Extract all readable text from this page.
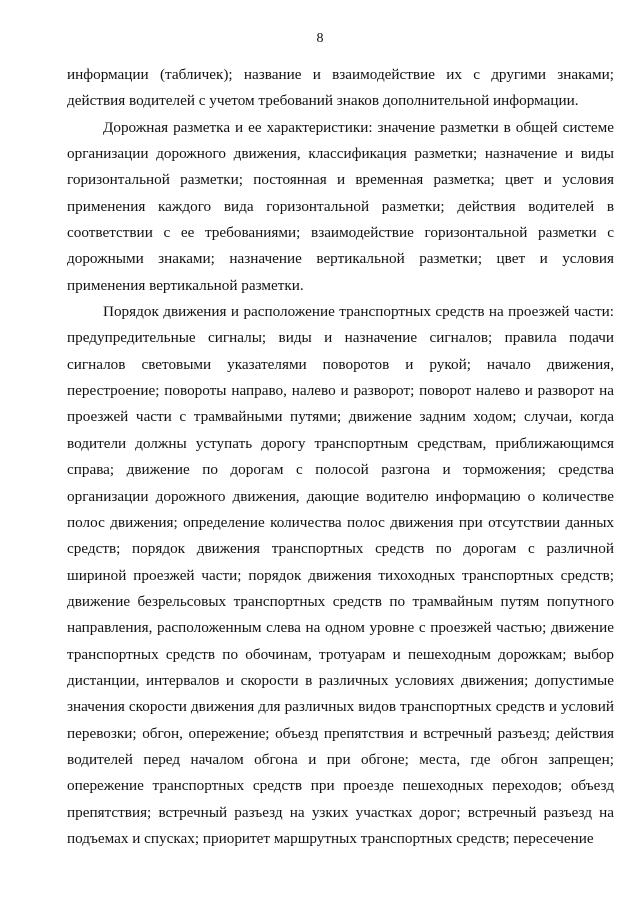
8

информации (табличек); название и взаимодействие их с другими знаками; действия водителей с учетом требований знаков дополнительной информации.

Дорожная разметка и ее характеристики: значение разметки в общей системе организации дорожного движения, классификация разметки; назначение и виды горизонтальной разметки; постоянная и временная разметка; цвет и условия применения каждого вида горизонтальной разметки; действия водителей в соответствии с ее требованиями; взаимодействие горизонтальной разметки с дорожными знаками; назначение вертикальной разметки; цвет и условия применения вертикальной разметки.

Порядок движения и расположение транспортных средств на проезжей части: предупредительные сигналы; виды и назначение сигналов; правила подачи сигналов световыми указателями поворотов и рукой; начало движения, перестроение; повороты направо, налево и разворот; поворот налево и разворот на проезжей части с трамвайными путями; движение задним ходом; случаи, когда водители должны уступать дорогу транспортным средствам, приближающимся справа; движение по дорогам с полосой разгона и торможения; средства организации дорожного движения, дающие водителю информацию о количестве полос движения; определение количества полос движения при отсутствии данных средств; порядок движения транспортных средств по дорогам с различной шириной проезжей части; порядок движения тихоходных транспортных средств; движение безрельсовых транспортных средств по трамвайным путям попутного направления, расположенным слева на одном уровне с проезжей частью; движение транспортных средств по обочинам, тротуарам и пешеходным дорожкам; выбор дистанции, интервалов и скорости в различных условиях движения; допустимые значения скорости движения для различных видов транспортных средств и условий перевозки; обгон, опережение; объезд препятствия и встречный разъезд; действия водителей перед началом обгона и при обгоне; места, где обгон запрещен; опережение транспортных средств при проезде пешеходных переходов; объезд препятствия; встречный разъезд на узких участках дорог; встречный разъезд на подъемах и спусках; приоритет маршрутных транспортных средств; пересечение
